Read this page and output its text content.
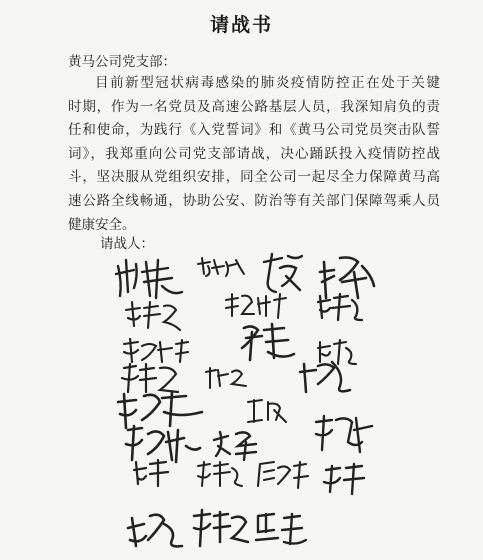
请战书
黄马公司党支部：
目前新型冠状病毒感染的肺炎疫情防控正在处于关键
时期，作为一名党员及高速公路基层人员，我深知肩负的责
任和使命，为践行《入党誓词》和《黄马公司党员突击队誓
词》，我郑重向公司党支部请战，决心踊跃投入疫情防控战
斗，坚决服从党组织安排，同全公司一起尽全力保障黄马高
速公路全线畅通，协助公安、防治等有关部门保障驾乘人员
健康安全。
请战人：
